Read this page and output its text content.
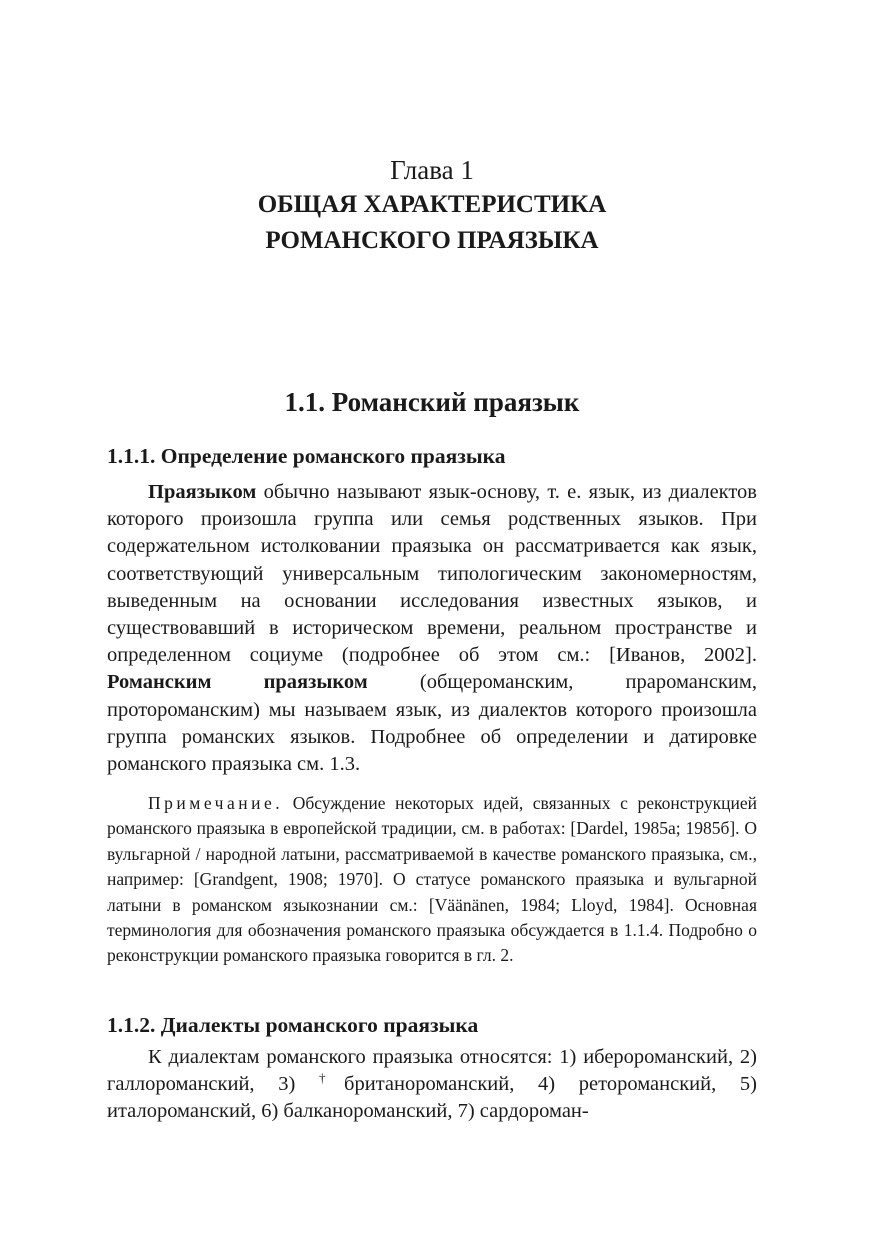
Глава 1
ОБЩАЯ ХАРАКТЕРИСТИКА
РОМАНСКОГО ПРАЯЗЫКА
1.1. Романский праязык
1.1.1. Определение романского праязыка

Праязыком обычно называют язык-основу, т. е. язык, из диалектов которого произошла группа или семья родственных языков. При содержательном истолковании праязыка он рассматривается как язык, соответствующий универсальным типологическим закономерностям, выведенным на основании исследования известных языков, и существовавший в историческом времени, реальном пространстве и определенном социуме (подробнее об этом см.: [Иванов, 2002]. Романским праязыком (общероманским, прароманским, протороманским) мы называем язык, из диалектов которого произошла группа романских языков. Подробнее об определении и датировке романского праязыка см. 1.3.

Примечание. Обсуждение некоторых идей, связанных с реконструкцией романского праязыка в европейской традиции, см. в работах: [Dardel, 1985а; 1985б]. О вульгарной / народной латыни, рассматриваемой в качестве романского праязыка, см., например: [Grandgent, 1908; 1970]. О статусе романского праязыка и вульгарной латыни в романском языкознании см.: [Väänänen, 1984; Lloyd, 1984]. Основная терминология для обозначения романского праязыка обсуждается в 1.1.4. Подробно о реконструкции романского праязыка говорится в гл. 2.

1.1.2. Диалекты романского праязыка

К диалектам романского праязыка относятся: 1) иберороманский, 2) галлороманский, 3) †британороманский, 4) ретороманский, 5) италороманский, 6) балканороманский, 7) сардороман-
